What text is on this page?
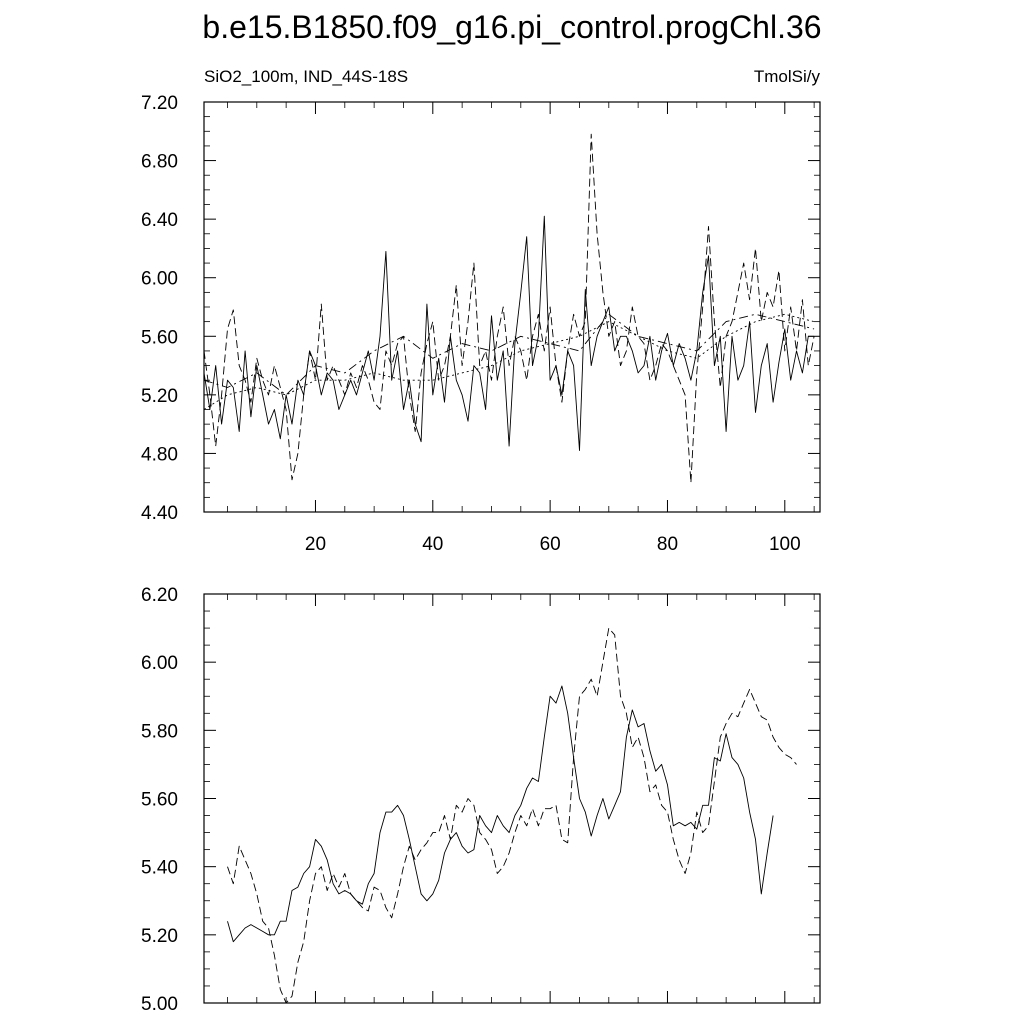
b.e15.B1850.f09_g16.pi_control.progChl.36
SiO2_100m, IND_44S-18S	TmolSi/y
20	40	60	80	100
4.40
4.80
5.20
5.60
6.00
6.40
6.80
7.20
5.00
5.20
5.40
5.60
5.80
6.00
6.20
